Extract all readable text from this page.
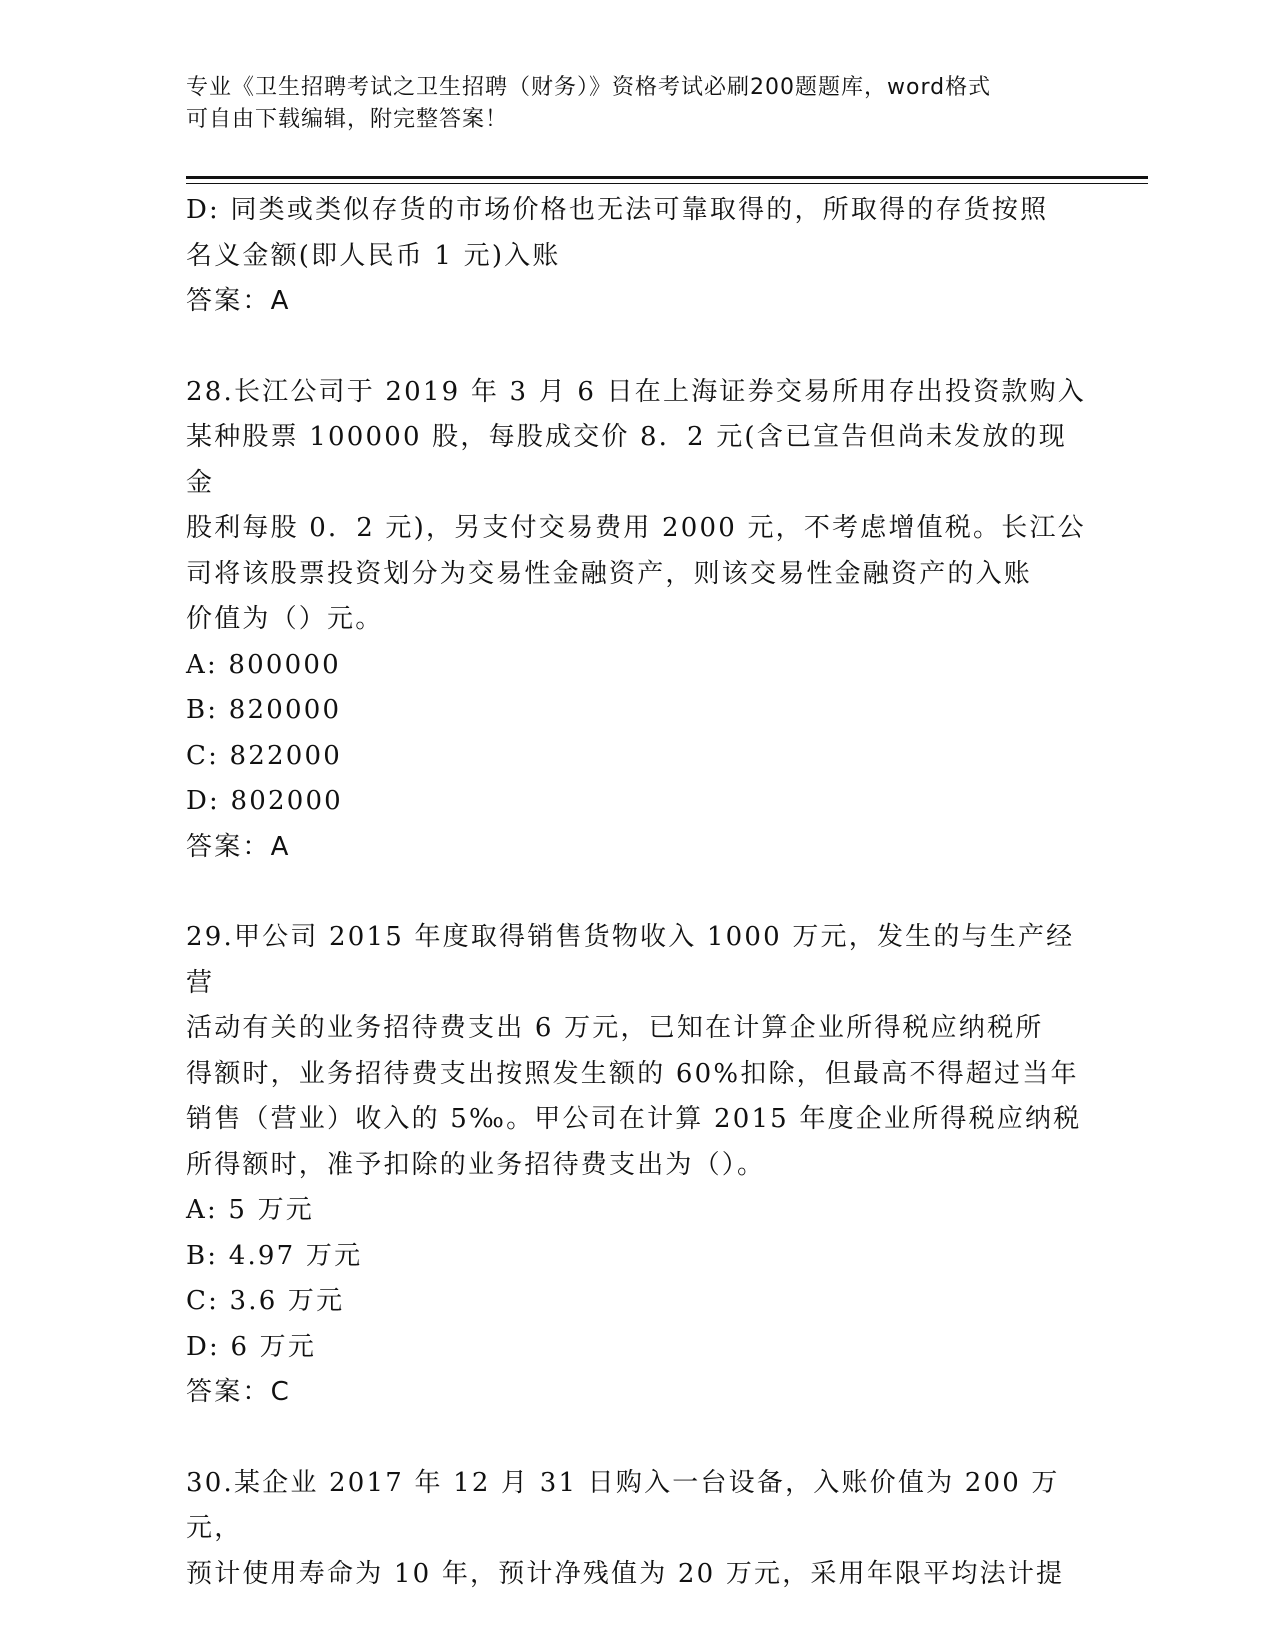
专业《卫生招聘考试之卫生招聘（财务）》资格考试必刷200题题库，word格式
可自由下载编辑，附完整答案！

D: 同类或类似存货的市场价格也无法可靠取得的，所取得的存货按照

名义金额(即人民币 1 元)入账

答案：A

28.长江公司于 2019 年 3 月 6 日在上海证券交易所用存出投资款购入

某种股票 100000 股，每股成交价 8．2 元(含已宣告但尚未发放的现金

股利每股 0．2 元)，另支付交易费用 2000 元，不考虑增值税。长江公

司将该股票投资划分为交易性金融资产，则该交易性金融资产的入账

价值为（）元。

A: 800000

B: 820000

C: 822000

D: 802000

答案：A

29.甲公司 2015 年度取得销售货物收入 1000 万元，发生的与生产经营

活动有关的业务招待费支出 6 万元，已知在计算企业所得税应纳税所

得额时，业务招待费支出按照发生额的 60%扣除，但最高不得超过当年

销售（营业）收入的 5‰。甲公司在计算 2015 年度企业所得税应纳税

所得额时，准予扣除的业务招待费支出为（）。

A: 5 万元

B: 4.97 万元

C: 3.6 万元

D: 6 万元

答案：C

30.某企业 2017 年 12 月 31 日购入一台设备，入账价值为 200 万元，

预计使用寿命为 10 年，预计净残值为 20 万元，采用年限平均法计提
